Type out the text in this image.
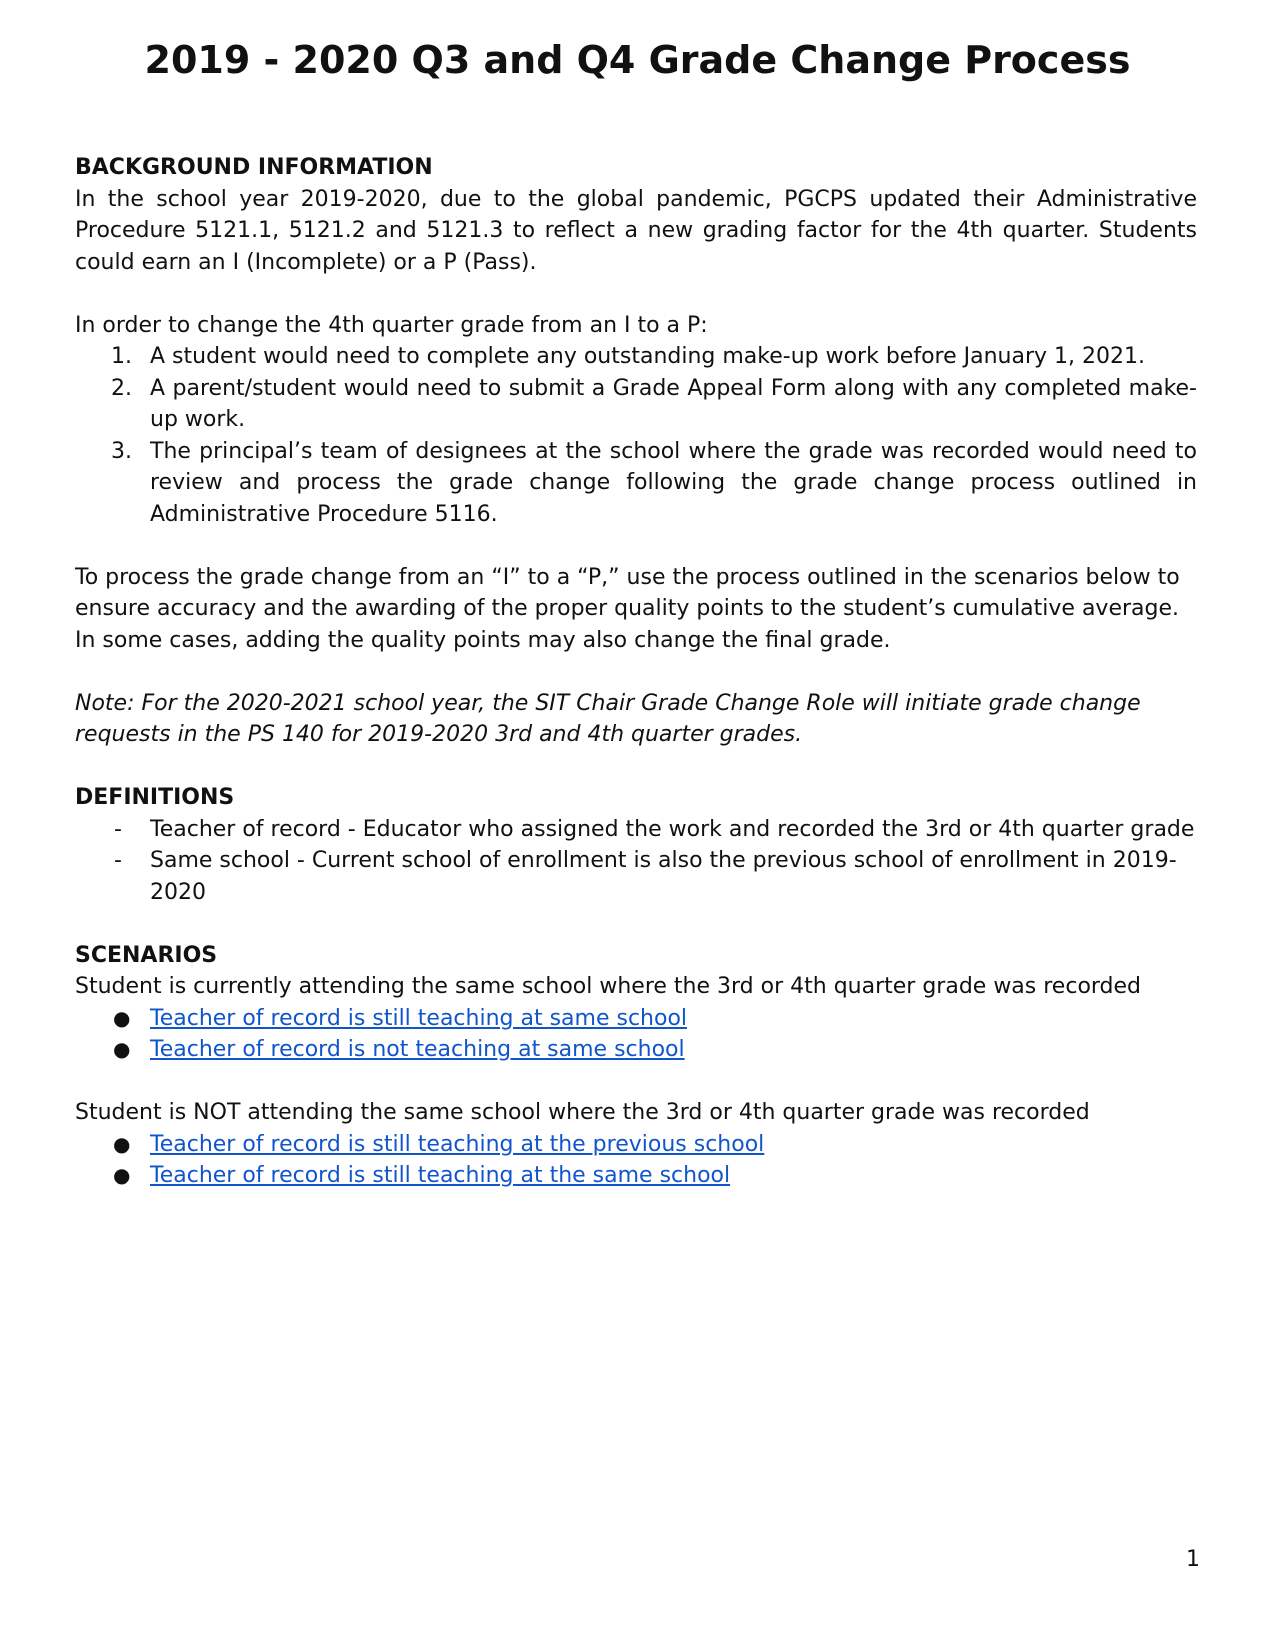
2019 - 2020 Q3 and Q4 Grade Change Process

BACKGROUND INFORMATION

In the school year 2019-2020, due to the global pandemic, PGCPS updated their Administrative Procedure 5121.1, 5121.2 and 5121.3 to reflect a new grading factor for the 4th quarter. Students could earn an I (Incomplete) or a P (Pass).

In order to change the 4th quarter grade from an I to a P:

1. A student would need to complete any outstanding make-up work before January 1, 2021.
2. A parent/student would need to submit a Grade Appeal Form along with any completed make-up work.
3. The principal’s team of designees at the school where the grade was recorded would need to review and process the grade change following the grade change process outlined in Administrative Procedure 5116.

To process the grade change from an “I” to a “P,” use the process outlined in the scenarios below to ensure accuracy and the awarding of the proper quality points to the student’s cumulative average. In some cases, adding the quality points may also change the final grade.

Note: For the 2020-2021 school year, the SIT Chair Grade Change Role will initiate grade change requests in the PS 140 for 2019-2020 3rd and 4th quarter grades.

DEFINITIONS

- Teacher of record - Educator who assigned the work and recorded the 3rd or 4th quarter grade
- Same school - Current school of enrollment is also the previous school of enrollment in 2019-2020

SCENARIOS

Student is currently attending the same school where the 3rd or 4th quarter grade was recorded

● Teacher of record is still teaching at same school
● Teacher of record is not teaching at same school

Student is NOT attending the same school where the 3rd or 4th quarter grade was recorded

● Teacher of record is still teaching at the previous school
● Teacher of record is still teaching at the same school
1
